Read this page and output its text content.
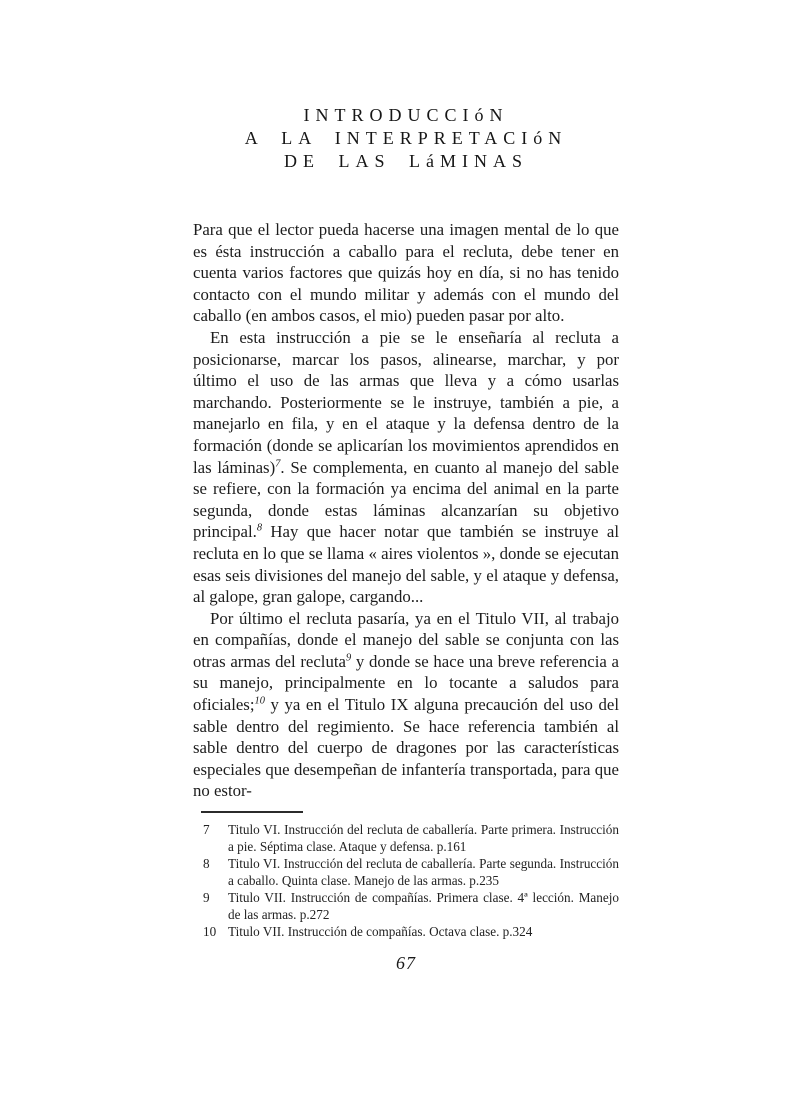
INTRODUCCIóN
A LA INTERPRETACIóN
DE LAS LáMINAS

Para que el lector pueda hacerse una imagen mental de lo que es ésta instrucción a caballo para el recluta, debe tener en cuenta varios factores que quizás hoy en día, si no has tenido contacto con el mundo militar y además con el mundo del caballo (en ambos casos, el mio) pueden pasar por alto.

En esta instrucción a pie se le enseñaría al recluta a posicionarse, marcar los pasos, alinearse, marchar, y por último el uso de las armas que lleva y a cómo usarlas marchando. Posteriormente se le instruye, también a pie, a manejarlo en fila, y en el ataque y la defensa dentro de la formación (donde se aplicarían los movimientos aprendidos en las láminas)$^7$. Se complementa, en cuanto al manejo del sable se refiere, con la formación ya encima del animal en la parte segunda, donde estas láminas alcanzarían su objetivo principal.$^8$ Hay que hacer notar que también se instruye al recluta en lo que se llama « aires violentos », donde se ejecutan esas seis divisiones del manejo del sable, y el ataque y defensa, al galope, gran galope, cargando...

Por último el recluta pasaría, ya en el Titulo VII, al trabajo en compañías, donde el manejo del sable se conjunta con las otras armas del recluta$^9$ y donde se hace una breve referencia a su manejo, principalmente en lo tocante a saludos para oficiales;$^{10}$ y ya en el Titulo IX alguna precaución del uso del sable dentro del regimiento. Se hace referencia también al sable dentro del cuerpo de dragones por las características especiales que desempeñan de infantería transportada, para que no estor-

7	Titulo VI. Instrucción del recluta de caballería. Parte primera. Instrucción a pie. Séptima clase. Ataque y defensa. p.161
8	Titulo VI. Instrucción del recluta de caballería. Parte segunda. Instrucción a caballo. Quinta clase. Manejo de las armas. p.235
9	Titulo VII. Instrucción de compañías. Primera clase. 4ª lección. Manejo de las armas. p.272
10 Titulo VII. Instrucción de compañías. Octava clase. p.324
67
